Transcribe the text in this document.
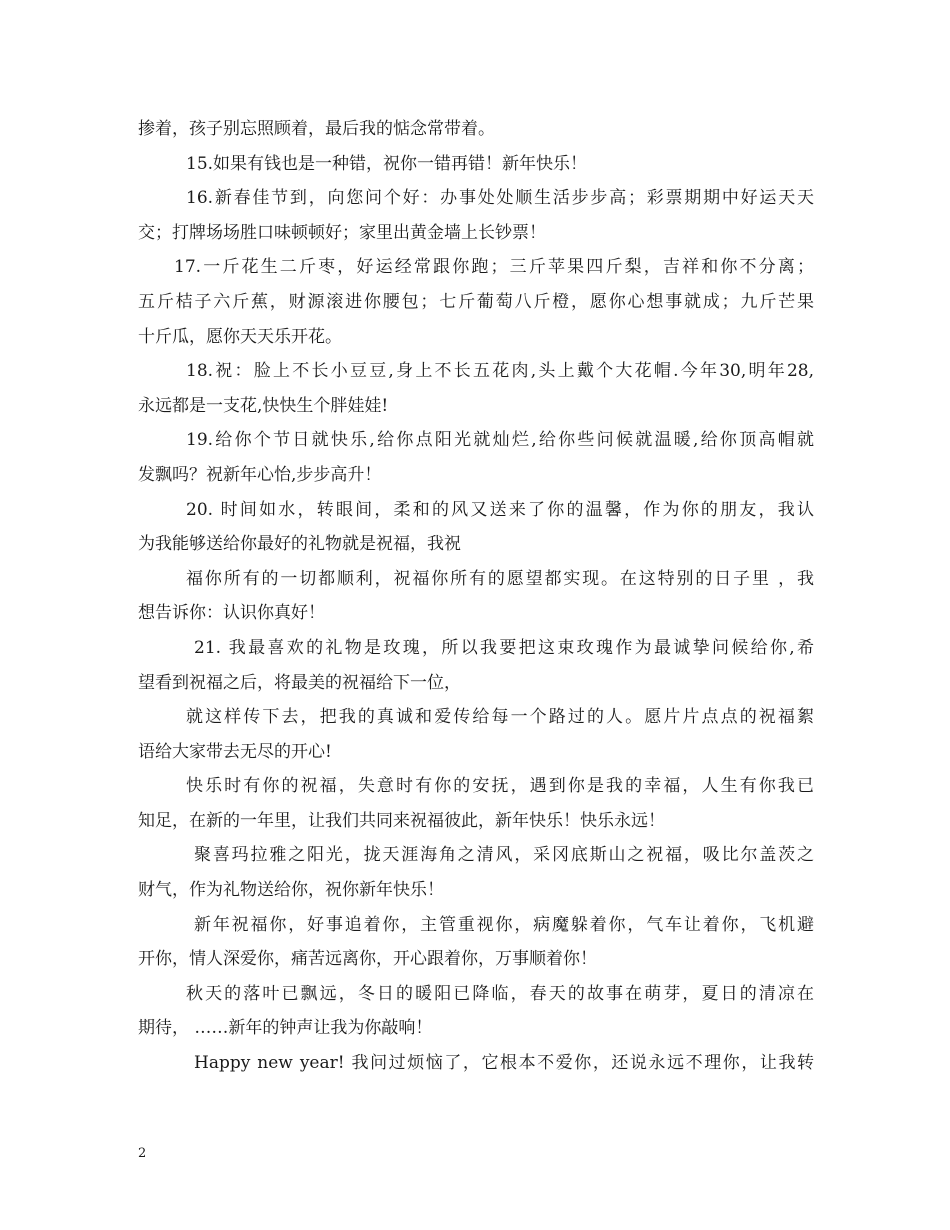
掺着，孩子别忘照顾着，最后我的惦念常带着。
15.如果有钱也是一种错，祝你一错再错！新年快乐！
16.新春佳节到，向您问个好：办事处处顺生活步步高；彩票期期中好运天天
交；打牌场场胜口味顿顿好；家里出黄金墙上长钞票！
17.一斤花生二斤枣，好运经常跟你跑；三斤苹果四斤梨，吉祥和你不分离；
五斤桔子六斤蕉，财源滚进你腰包；七斤葡萄八斤橙，愿你心想事就成；九斤芒果
十斤瓜，愿你天天乐开花。
18.祝：脸上不长小豆豆,身上不长五花肉,头上戴个大花帽.今年30,明年28,
永远都是一支花,快快生个胖娃娃!
19.给你个节日就快乐,给你点阳光就灿烂,给你些问候就温暖,给你顶高帽就
发飘吗？祝新年心怡,步步高升！
20. 时间如水，转眼间，柔和的风又送来了你的温馨，作为你的朋友，我认
为我能够送给你最好的礼物就是祝福，我祝
福你所有的一切都顺利，祝福你所有的愿望都实现。在这特别的日子里 ，我
想告诉你：认识你真好！
21. 我最喜欢的礼物是玫瑰，所以我要把这束玫瑰作为最诚挚问候给你,希
望看到祝福之后，将最美的祝福给下一位，
就这样传下去，把我的真诚和爱传给每一个路过的人。愿片片点点的祝福絮
语给大家带去无尽的开心!
快乐时有你的祝福，失意时有你的安抚，遇到你是我的幸福，人生有你我已
知足，在新的一年里，让我们共同来祝福彼此，新年快乐！快乐永远！
聚喜玛拉雅之阳光，拢天涯海角之清风，采冈底斯山之祝福，吸比尔盖茨之
财气，作为礼物送给你，祝你新年快乐！
新年祝福你，好事追着你，主管重视你，病魔躲着你，气车让着你，飞机避
开你，情人深爱你，痛苦远离你，开心跟着你，万事顺着你！
秋天的落叶已飘远，冬日的暖阳已降临，春天的故事在萌芽，夏日的清凉在
期待， ……新年的钟声让我为你敲响！
Happy new year! 我问过烦恼了，它根本不爱你，还说永远不理你，让我转
2
